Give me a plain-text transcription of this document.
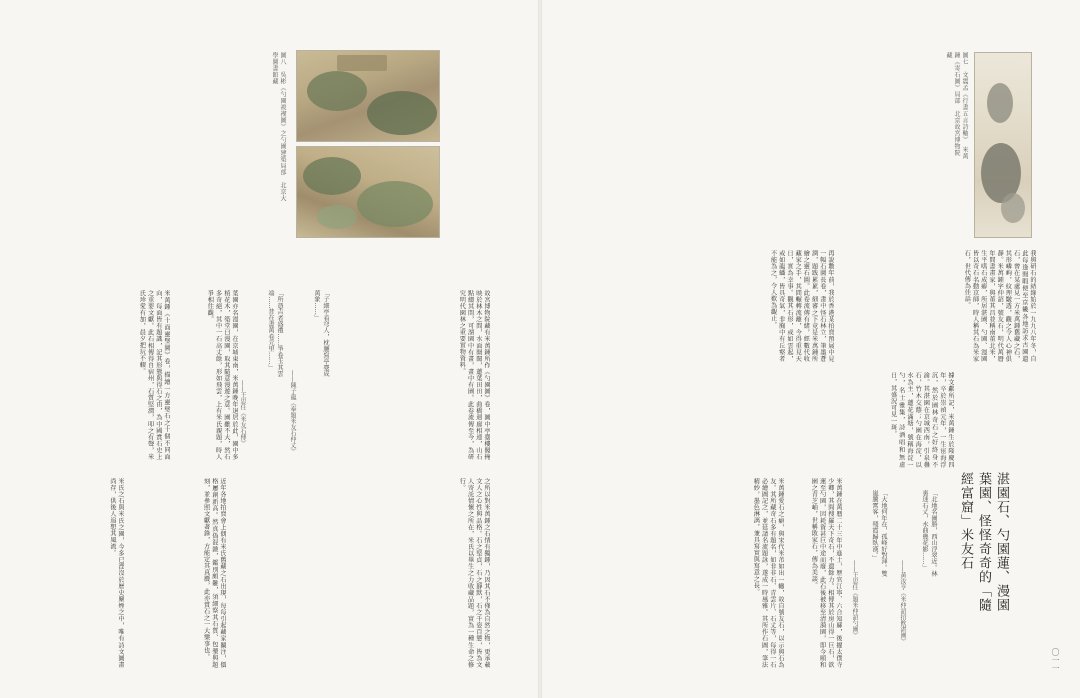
圖八　吳彬《勺園祓禊圖》之勺園建築局部　北京大學圖書館藏	圖七　文震孟《行書五言詩軸》　米萬鍾《寄石圖》局部　北京故宮博物院藏
我與研石的結緣始於一九九八年冬，自此每逢閒暇便至京畿各地訪求古園遺石，曾在某處見一方米萬鍾舊藏之石，其形嶙峋，紋理皺透，觀之令人心神俱靜。米萬鍾字仲詔，號友石，明代萬曆年間書畫家，與董其昌並稱南董北米，生平嗜石成癖，所居湛園、勺園、漫園皆以奇石名動京師，時人稱其石為米家石，世代傳為佳話。
再說數年前，我於香港某拍賣預展中見一幅石圖長卷，畫中怪石林立，筆墨蒼潤，題跋累累，細審之下竟是米萬鍾所繪之靈石圖。此卷流傳有緒，經數代收藏家之手，其間輾轉流離，今得重見天日，實為幸事。觀其石形，或如雲起，或如龍蟠，皆具奇氣，非胸中有丘壑者不能為之，令人歎為觀止。
據文獻所記，米萬鍾生於隆慶四年，卒於崇禎元年，一生宦海浮沉，然於園林奇石之好終身不渝。其湛園在京城西南，引泉疊石，竹木交蔭；勺園在海淀，以水為主，蓮花滿塘，號稱海淀一勺，名士雅集，詩酒唱和無虛日，其盛況可見一斑。
「北地名園勝，西山浮翠近。林裏迷石丈，水曲幾花影……」
——黃汝亨《米仲詔招飲湛園》
「大地何年在，孤峰好對渾。雙嵐騰霄客，殘霞歸臥漢。」
——王思任《題米仲詔勺園》	湛園石、勺園蓮、漫園葉園、怪怪奇奇的「隨經富窟」米友石
米萬鍾在萬曆二十三年中進士，歷官江寧、六合知縣，後擢太僕寺少卿，其間搜羅天下奇石，不遺餘力。相傳其於房山得一巨石，欲運至勺園，因耗資甚巨中途而廢，此石後被移至清漪園，即今頤和園之青芝岫，世稱敗家石，傳為美談。
米萬鍾愛石之癖，與宋代米芾如出一轍，故自號友石，以示與石為友。其所藏奇石多有題名，如非非石、青雲片、石丈等，每得一石必繪圖記之，並延請名流題詠，遂成一時風雅。其所作石圖，筆法精妙，墨色淋漓，兼具寫實與寫意之長。
故宮博物院藏有米萬鍾所作《勺園圖》卷，圖中亭臺樓閣掩映於林木之間，水面開闊，蓮葉田田，曲橋迴廊相連，山石點綴其間，可謂園中有畫，畫中有園。此卷流傳至今，為研究明代園林之重要實物資料。
「子細亭看穹人，枕腰寫亭臺成萬象……」
——陳子龍《奉題米友石仲丈》
「所憑吉者盛禮……爭卷玉其雲端……昔在書萬卷元里……」
——王思任《米友石傳》
葉園亦名漫園，在京城東南，米萬鍾晚年退居於此，園中多植花木，築堂曰漫園，取其隨意漫遊之意。園雖不大，然石多奇絕，其中一石高丈餘，形如飛雲，上有米氏親題，時人爭相往觀。
米萬鍾《十面靈璧圖》卷，描繪一方靈璧石之十個不同面向，每面皆有題識，記其形態與得石之由，為中國賞石史上之重要文獻。此石相傳得自宿州，石質堅潤，叩之有聲，米氏珍愛有加，晨夕把玩不輟。
之所以對米萬鍾之石情有獨鍾，乃因其石不僅為自然之物，更承載文人之心性與品格。石之堅貞，石之靜默，石之千姿百態，皆為文人寄託情懷之所在，米氏以畢生之力收藏品題，實為一種生命之修行。
近年各地拍賣會上偶有米氏舊藏之石出現，每每引起藏家關注，價格屢創新高。然真偽混雜，鑑別頗難，須細察其石質、包漿與題刻，並參照文獻著錄，方能定其真贗，此亦賞石之一大樂事也。
米氏之石與米氏之園，今多已湮沒於歷史塵煙之中，唯有詩文圖畫尚存，供後人追想其風流。
〇一一
